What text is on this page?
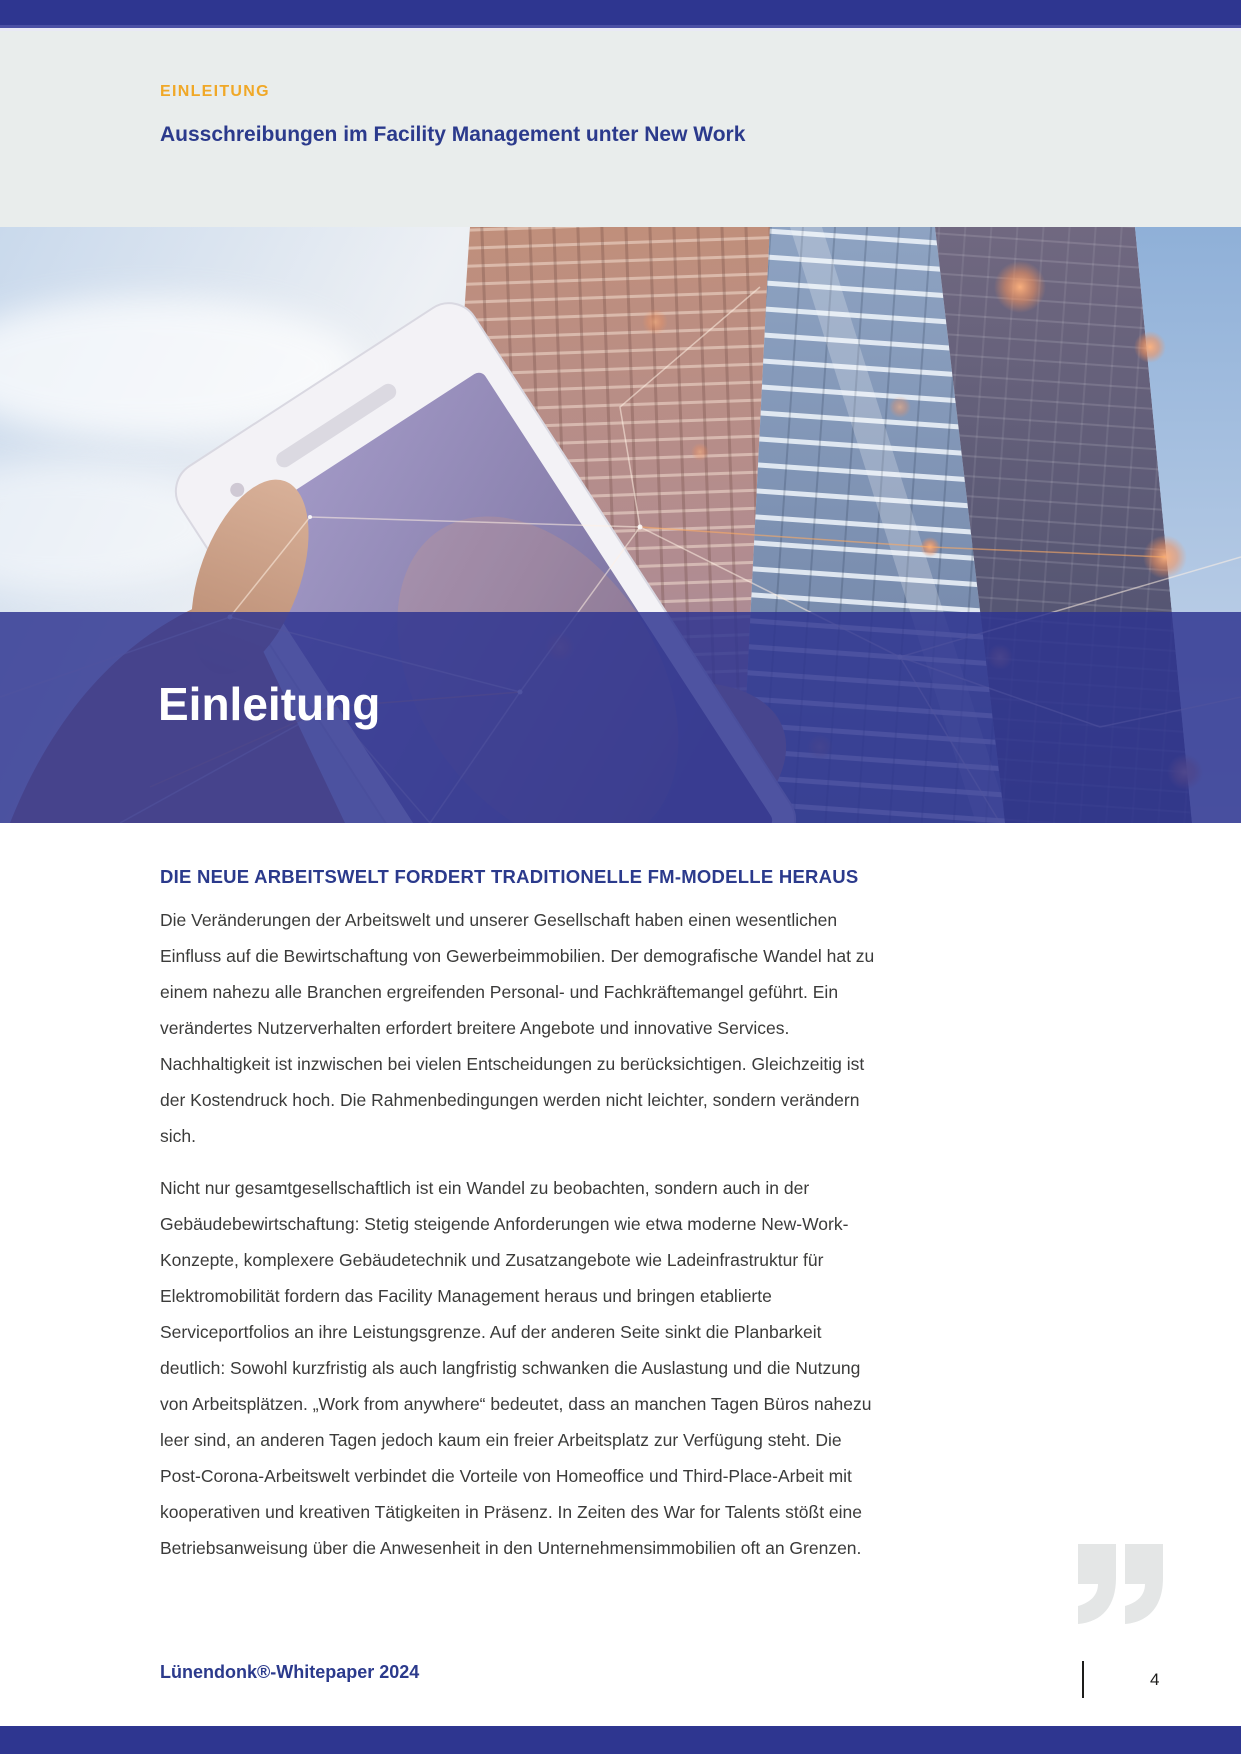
EINLEITUNG
Ausschreibungen im Facility Management unter New Work
Einleitung
DIE NEUE ARBEITSWELT FORDERT TRADITIONELLE FM-MODELLE HERAUS

Die Veränderungen der Arbeitswelt und unserer Gesellschaft haben einen wesentlichen Einfluss auf die Bewirtschaftung von Gewerbeimmobilien. Der demografische Wandel hat zu einem nahezu alle Branchen ergreifenden Personal- und Fachkräftemangel geführt. Ein verändertes Nutzerverhalten erfordert breitere Angebote und innovative Services. Nachhaltigkeit ist inzwischen bei vielen Entscheidungen zu berücksichtigen. Gleichzeitig ist der Kostendruck hoch. Die Rahmenbedingungen werden nicht leichter, sondern verändern sich.

Nicht nur gesamtgesellschaftlich ist ein Wandel zu beobachten, sondern auch in der Gebäudebewirtschaftung: Stetig steigende Anforderungen wie etwa moderne New-Work-Konzepte, komplexere Gebäudetechnik und Zusatzangebote wie Ladeinfrastruktur für Elektromobilität fordern das Facility Management heraus und bringen etablierte Serviceportfolios an ihre Leistungsgrenze. Auf der anderen Seite sinkt die Planbarkeit deutlich: Sowohl kurzfristig als auch langfristig schwanken die Auslastung und die Nutzung von Arbeitsplätzen. „Work from anywhere“ bedeutet, dass an manchen Tagen Büros nahezu leer sind, an anderen Tagen jedoch kaum ein freier Arbeitsplatz zur Verfügung steht. Die Post-Corona-Arbeitswelt verbindet die Vorteile von Homeoffice und Third-Place-Arbeit mit kooperativen und kreativen Tätigkeiten in Präsenz. In Zeiten des War for Talents stößt eine Betriebsanweisung über die Anwesenheit in den Unternehmensimmobilien oft an Grenzen.

Lünendonk®-Whitepaper 2024	4
